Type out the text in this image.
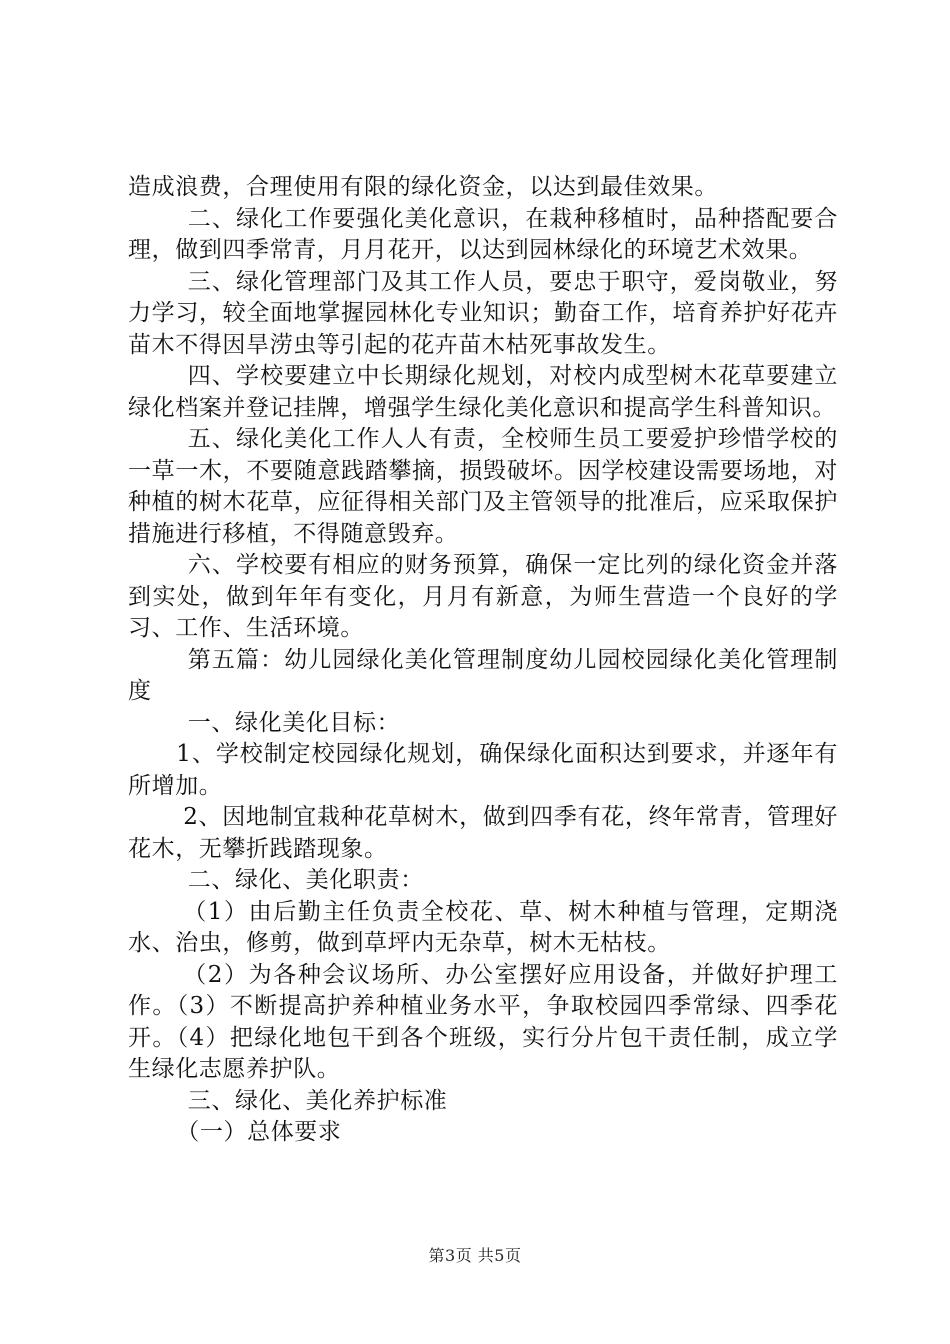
造成浪费，合理使用有限的绿化资金，以达到最佳效果。

二、绿化工作要强化美化意识，在栽种移植时，品种搭配要合理，做到四季常青，月月花开，以达到园林绿化的环境艺术效果。

三、绿化管理部门及其工作人员，要忠于职守，爱岗敬业，努力学习，较全面地掌握园林化专业知识；勤奋工作，培育养护好花卉苗木不得因旱涝虫等引起的花卉苗木枯死事故发生。

四、学校要建立中长期绿化规划，对校内成型树木花草要建立绿化档案并登记挂牌，增强学生绿化美化意识和提高学生科普知识。

五、绿化美化工作人人有责，全校师生员工要爱护珍惜学校的一草一木，不要随意践踏攀摘，损毁破坏。因学校建设需要场地，对种植的树木花草，应征得相关部门及主管领导的批准后，应采取保护措施进行移植，不得随意毁弃。

六、学校要有相应的财务预算，确保一定比列的绿化资金并落到实处，做到年年有变化，月月有新意，为师生营造一个良好的学习、工作、生活环境。

第五篇：幼儿园绿化美化管理制度幼儿园校园绿化美化管理制度

一、绿化美化目标：

1、学校制定校园绿化规划，确保绿化面积达到要求，并逐年有所增加。

2、因地制宜栽种花草树木，做到四季有花，终年常青，管理好花木，无攀折践踏现象。

二、绿化、美化职责：

（1）由后勤主任负责全校花、草、树木种植与管理，定期浇水、治虫，修剪，做到草坪内无杂草，树木无枯枝。

（2）为各种会议场所、办公室摆好应用设备，并做好护理工作。（3）不断提高护养种植业务水平，争取校园四季常绿、四季花开。（4）把绿化地包干到各个班级，实行分片包干责任制，成立学生绿化志愿养护队。

三、绿化、美化养护标准

（一）总体要求

第3页 共5页
